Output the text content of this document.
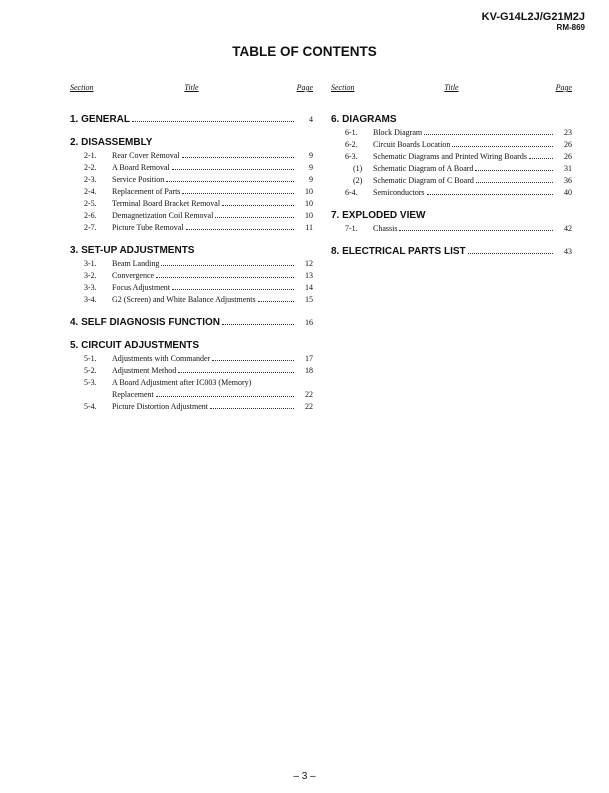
KV-G14L2J/G21M2J
RM-869
TABLE OF CONTENTS
Section	Title	Page
1. GENERAL	4
2. DISASSEMBLY
2-1.	Rear Cover Removal	9
2-2.	A Board Removal	9
2-3.	Service Position	9
2-4.	Replacement of Parts	10
2-5.	Terminal Board Bracket Removal	10
2-6.	Demagnetization Coil Removal	10
2-7.	Picture Tube Removal	11
3. SET-UP ADJUSTMENTS
3-1.	Beam Landing	12
3-2.	Convergence	13
3-3.	Focus Adjustment	14
3-4.	G2 (Screen) and White Balance Adjustments	15
4. SELF DIAGNOSIS FUNCTION	16
5. CIRCUIT ADJUSTMENTS
5-1.	Adjustments with Commander	17
5-2.	Adjustment Method	18
5-3.	A Board Adjustment after IC003 (Memory)
Replacement	22
5-4.	Picture Distortion Adjustment	22
Section	Title	Page
6. DIAGRAMS
6-1.	Block Diagram	23
6-2.	Circuit Boards Location	26
6-3.	Schematic Diagrams and Printed Wiring Boards	26
(1)	Schematic Diagram of A Board	31
(2)	Schematic Diagram of C Board	36
6-4.	Semiconductors	40
7. EXPLODED VIEW
7-1.	Chassis	42
8. ELECTRICAL PARTS LIST	43
– 3 –
